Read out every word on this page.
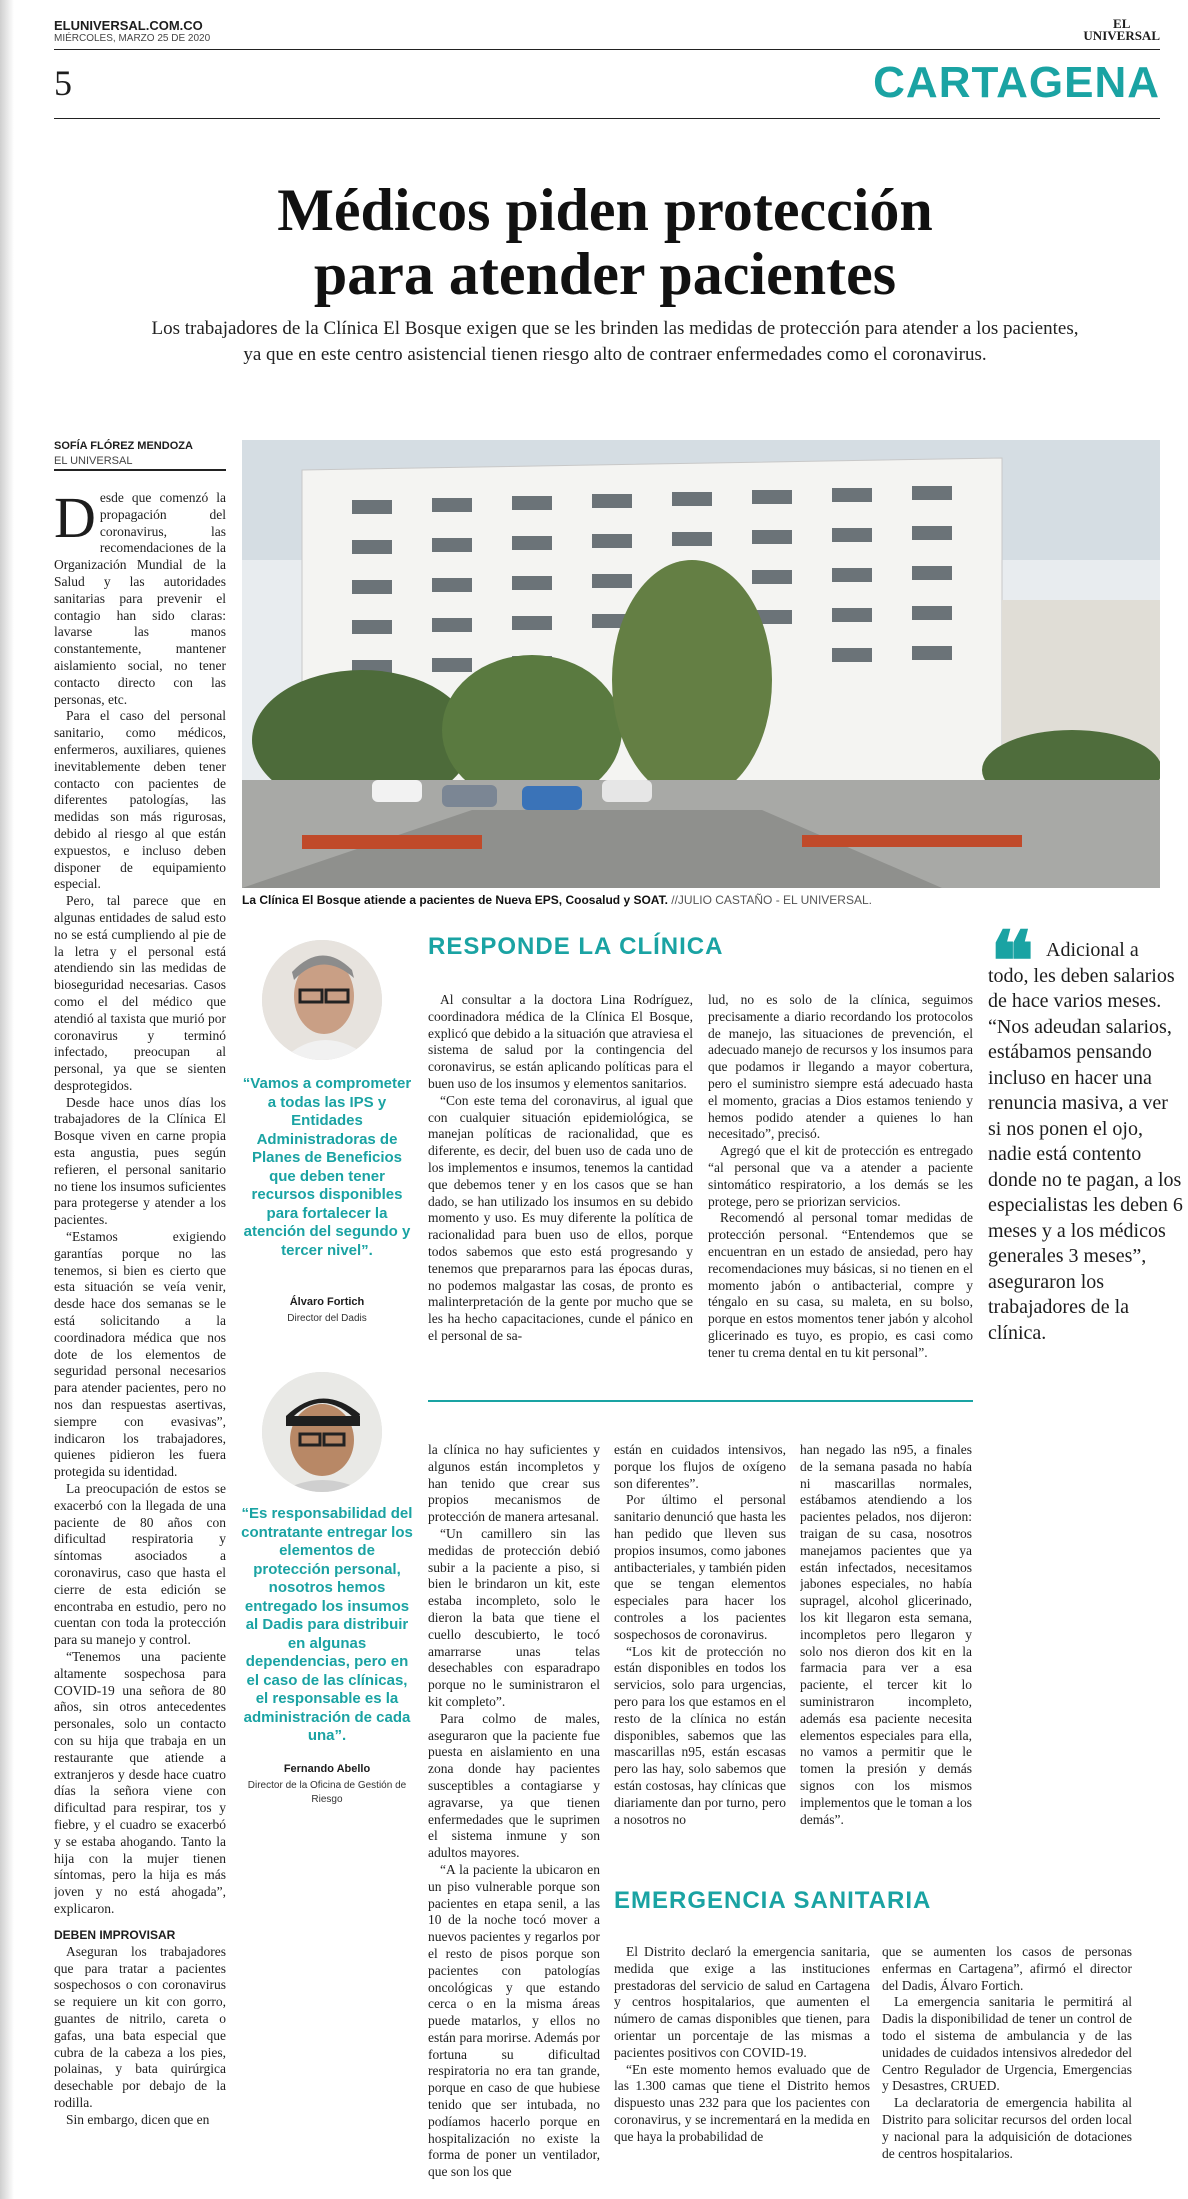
ELUNIVERSAL.COM.CO
MIÉRCOLES, MARZO 25 DE 2020
EL
UNIVERSAL
5	CARTAGENA
Médicos piden protección
para atender pacientes
Los trabajadores de la Clínica El Bosque exigen que se les brinden las medidas de protección para atender a los pacientes, ya que en este centro asistencial tienen riesgo alto de contraer enfermedades como el coronavirus.
SOFÍA FLÓREZ MENDOZA
EL UNIVERSAL

Desde que comenzó la propagación del coronavirus, las recomendaciones de la Organización Mundial de la Salud y las autoridades sanitarias para prevenir el contagio han sido claras: lavarse las manos constantemente, mantener aislamiento social, no tener contacto directo con las personas, etc.

Para el caso del personal sanitario, como médicos, enfermeros, auxiliares, quienes inevitablemente deben tener contacto con pacientes de diferentes patologías, las medidas son más rigurosas, debido al riesgo al que están expuestos, e incluso deben disponer de equipamiento especial.

Pero, tal parece que en algunas entidades de salud esto no se está cumpliendo al pie de la letra y el personal está atendiendo sin las medidas de bioseguridad necesarias. Casos como el del médico que atendió al taxista que murió por coronavirus y terminó infectado, preocupan al personal, ya que se sienten desprotegidos.

Desde hace unos días los trabajadores de la Clínica El Bosque viven en carne propia esta angustia, pues según refieren, el personal sanitario no tiene los insumos suficientes para protegerse y atender a los pacientes.

“Estamos exigiendo garantías porque no las tenemos, si bien es cierto que esta situación se veía venir, desde hace dos semanas se le está solicitando a la coordinadora médica que nos dote de los elementos de seguridad personal necesarios para atender pacientes, pero no nos dan respuestas asertivas, siempre con evasivas”, indicaron los trabajadores, quienes pidieron les fuera protegida su identidad.

La preocupación de estos se exacerbó con la llegada de una paciente de 80 años con dificultad respiratoria y síntomas asociados a coronavirus, caso que hasta el cierre de esta edición se encontraba en estudio, pero no cuentan con toda la protección para su manejo y control.

“Tenemos una paciente altamente sospechosa para COVID-19 una señora de 80 años, sin otros antecedentes personales, solo un contacto con su hija que trabaja en un restaurante que atiende a extranjeros y desde hace cuatro días la señora viene con dificultad para respirar, tos y fiebre, y el cuadro se exacerbó y se estaba ahogando. Tanto la hija con la mujer tienen síntomas, pero la hija es más joven y no está ahogada”, explicaron.

DEBEN IMPROVISAR

Aseguran los trabajadores que para tratar a pacientes sospechosos o con coronavirus se requiere un kit con gorro, guantes de nitrilo, careta o gafas, una bata especial que cubra de la cabeza a los pies, polainas, y bata quirúrgica desechable por debajo de la rodilla.

Sin embargo, dicen que en

La Clínica El Bosque atiende a pacientes de Nueva EPS, Coosalud y SOAT. //JULIO CASTAÑO - EL UNIVERSAL.
“Vamos a comprometer a todas las IPS y Entidades Administradoras de Planes de Beneficios que deben tener recursos disponibles para fortalecer la atención del segundo y tercer nivel”.
Álvaro Fortich
Director del Dadis
“Es responsabilidad del contratante entregar los elementos de protección personal, nosotros hemos entregado los insumos al Dadis para distribuir en algunas dependencias, pero en el caso de las clínicas, el responsable es la administración de cada una”.
Fernando Abello
Director de la Oficina de Gestión de Riesgo
RESPONDE LA CLÍNICA

Al consultar a la doctora Lina Rodríguez, coordinadora médica de la Clínica El Bosque, explicó que debido a la situación que atraviesa el sistema de salud por la contingencia del coronavirus, se están aplicando políticas para el buen uso de los insumos y elementos sanitarios.

“Con este tema del coronavirus, al igual que con cualquier situación epidemiológica, se manejan políticas de racionalidad, que es diferente, es decir, del buen uso de cada uno de los implementos e insumos, tenemos la cantidad que debemos tener y en los casos que se han dado, se han utilizado los insumos en su debido momento y uso. Es muy diferente la política de racionalidad para buen uso de ellos, porque todos sabemos que esto está progresando y tenemos que prepararnos para las épocas duras, no podemos malgastar las cosas, de pronto es malinterpretación de la gente por mucho que se les ha hecho capacitaciones, cunde el pánico en el personal de sa-

lud, no es solo de la clínica, seguimos precisamente a diario recordando los protocolos de manejo, las situaciones de prevención, el adecuado manejo de recursos y los insumos para que podamos ir llegando a mayor cobertura, pero el suministro siempre está adecuado hasta el momento, gracias a Dios estamos teniendo y hemos podido atender a quienes lo han necesitado”, precisó.

Agregó que el kit de protección es entregado “al personal que va a atender a paciente sintomático respiratorio, a los demás se les protege, pero se priorizan servicios.

Recomendó al personal tomar medidas de protección personal. “Entendemos que se encuentran en un estado de ansiedad, pero hay recomendaciones muy básicas, si no tienen en el momento jabón o antibacterial, compre y téngalo en su casa, su maleta, en su bolso, porque en estos momentos tener jabón y alcohol glicerinado es tuyo, es propio, es casi como tener tu crema dental en tu kit personal”.

❝ Adicional a todo, les deben salarios de hace varios meses. “Nos adeudan salarios, estábamos pensando incluso en hacer una renuncia masiva, a ver si nos ponen el ojo, nadie está contento donde no te pagan, a los especialistas les deben 6 meses y a los médicos generales 3 meses”, aseguraron los trabajadores de la clínica.

la clínica no hay suficientes y algunos están incompletos y han tenido que crear sus propios mecanismos de protección de manera artesanal.

“Un camillero sin las medidas de protección debió subir a la paciente a piso, si bien le brindaron un kit, este estaba incompleto, solo le dieron la bata que tiene el cuello descubierto, le tocó amarrarse unas telas desechables con esparadrapo porque no le suministraron el kit completo”.

Para colmo de males, aseguraron que la paciente fue puesta en aislamiento en una zona donde hay pacientes susceptibles a contagiarse y agravarse, ya que tienen enfermedades que le suprimen el sistema inmune y son adultos mayores.

“A la paciente la ubicaron en un piso vulnerable porque son pacientes en etapa senil, a las 10 de la noche tocó mover a nuevos pacientes y regarlos por el resto de pisos porque son pacientes con patologías oncológicas y que estando cerca o en la misma áreas puede matarlos, y ellos no están para morirse. Además por fortuna su dificultad respiratoria no era tan grande, porque en caso de que hubiese tenido que ser intubada, no podíamos hacerlo porque en hospitalización no existe la forma de poner un ventilador, que son los que

están en cuidados intensivos, porque los flujos de oxígeno son diferentes”.

Por último el personal sanitario denunció que hasta les han pedido que lleven sus propios insumos, como jabones antibacteriales, y también piden que se tengan elementos especiales para hacer los controles a los pacientes sospechosos de coronavirus.

“Los kit de protección no están disponibles en todos los servicios, solo para urgencias, pero para los que estamos en el resto de la clínica no están disponibles, sabemos que las mascarillas n95, están escasas pero las hay, solo sabemos que están costosas, hay clínicas que diariamente dan por turno, pero a nosotros no

han negado las n95, a finales de la semana pasada no había ni mascarillas normales, estábamos atendiendo a los pacientes pelados, nos dijeron: traigan de su casa, nosotros manejamos pacientes que ya están infectados, necesitamos jabones especiales, no había supragel, alcohol glicerinado, los kit llegaron esta semana, incompletos pero llegaron y solo nos dieron dos kit en la farmacia para ver a esa paciente, el tercer kit lo suministraron incompleto, además esa paciente necesita elementos especiales para ella, no vamos a permitir que le tomen la presión y demás signos con los mismos implementos que le toman a los demás”.

EMERGENCIA SANITARIA

El Distrito declaró la emergencia sanitaria, medida que exige a las instituciones prestadoras del servicio de salud en Cartagena y centros hospitalarios, que aumenten el número de camas disponibles que tienen, para orientar un porcentaje de las mismas a pacientes positivos con COVID-19.

“En este momento hemos evaluado que de las 1.300 camas que tiene el Distrito hemos dispuesto unas 232 para que los pacientes con coronavirus, y se incrementará en la medida en que haya la probabilidad de

que se aumenten los casos de personas enfermas en Cartagena”, afirmó el director del Dadis, Álvaro Fortich.

La emergencia sanitaria le permitirá al Dadis la disponibilidad de tener un control de todo el sistema de ambulancia y de las unidades de cuidados intensivos alrededor del Centro Regulador de Urgencia, Emergencias y Desastres, CRUED.

La declaratoria de emergencia habilita al Distrito para solicitar recursos del orden local y nacional para la adquisición de dotaciones de centros hospitalarios.
